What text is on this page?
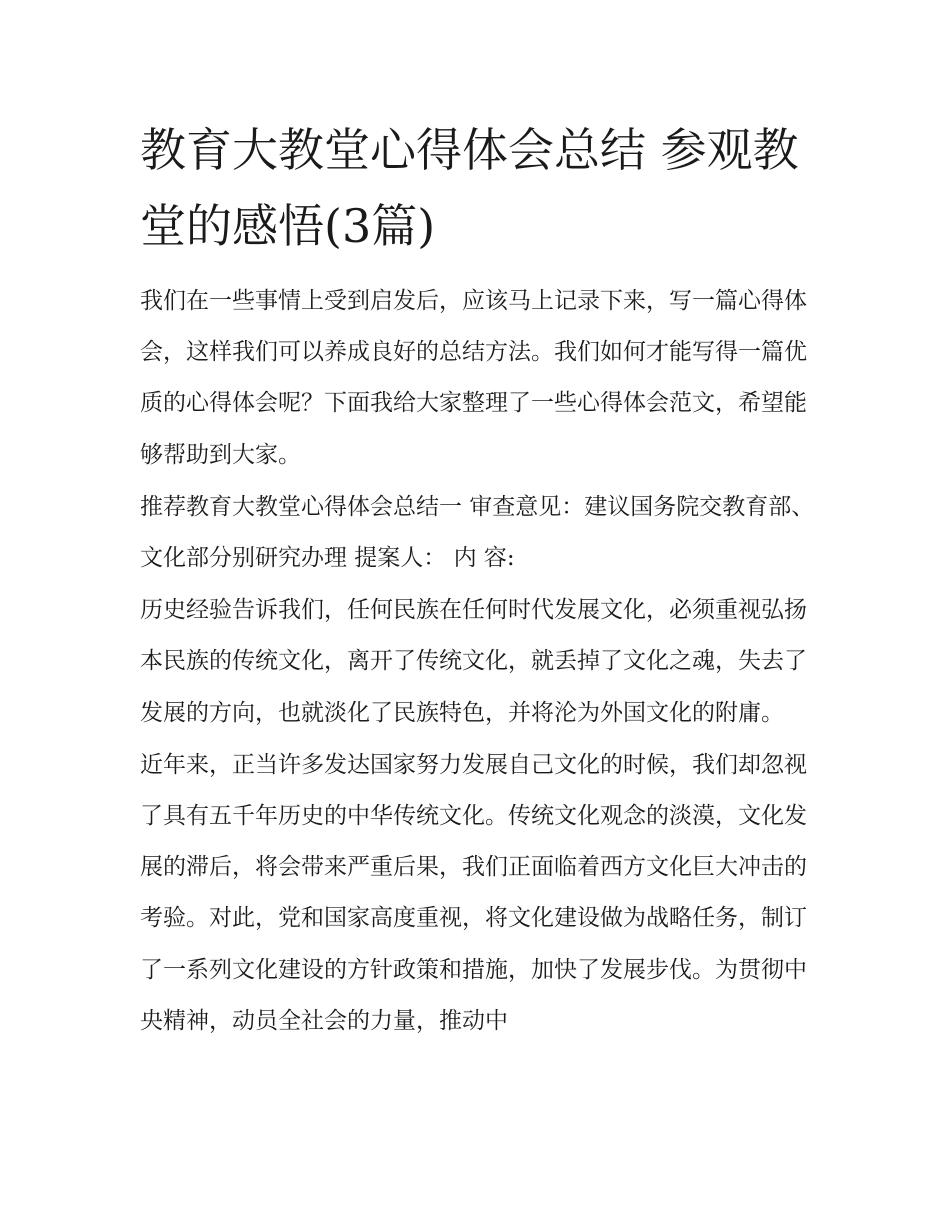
教育大教堂心得体会总结 参观教堂的感悟(3篇)

我们在一些事情上受到启发后，应该马上记录下来，写一篇心得体会，这样我们可以养成良好的总结方法。我们如何才能写得一篇优质的心得体会呢？下面我给大家整理了一些心得体会范文，希望能够帮助到大家。

推荐教育大教堂心得体会总结一 审查意见：建议国务院交教育部、文化部分别研究办理 提案人： 内 容:

历史经验告诉我们，任何民族在任何时代发展文化，必须重视弘扬本民族的传统文化，离开了传统文化，就丢掉了文化之魂，失去了发展的方向，也就淡化了民族特色，并将沦为外国文化的附庸。

近年来，正当许多发达国家努力发展自己文化的时候，我们却忽视了具有五千年历史的中华传统文化。传统文化观念的淡漠，文化发展的滞后，将会带来严重后果，我们正面临着西方文化巨大冲击的考验。对此，党和国家高度重视，将文化建设做为战略任务，制订了一系列文化建设的方针政策和措施，加快了发展步伐。为贯彻中央精神，动员全社会的力量，推动中
